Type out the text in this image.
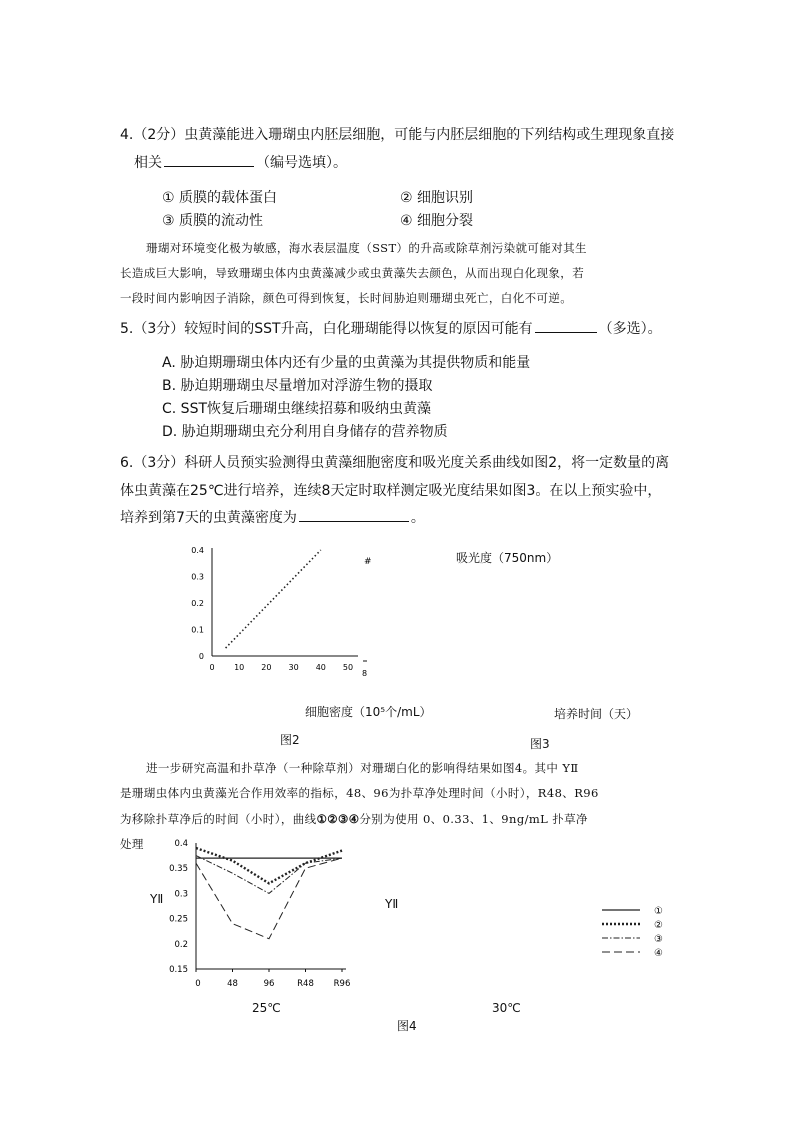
4.（2分）虫黄藻能进入珊瑚虫内胚层细胞，可能与内胚层细胞的下列结构或生理现象直接
相关	（编号选填）。
① 质膜的载体蛋白	② 细胞识别
③ 质膜的流动性	④ 细胞分裂
珊瑚对环境变化极为敏感，海水表层温度（SST）的升高或除草剂污染就可能对其生
长造成巨大影响，导致珊瑚虫体内虫黄藻减少或虫黄藻失去颜色，从而出现白化现象，若
一段时间内影响因子消除，颜色可得到恢复，长时间胁迫则珊瑚虫死亡，白化不可逆。
5.（3分）较短时间的SST升高，白化珊瑚能得以恢复的原因可能有	（多选）。
A. 胁迫期珊瑚虫体内还有少量的虫黄藻为其提供物质和能量
B. 胁迫期珊瑚虫尽量增加对浮游生物的摄取
C. SST恢复后珊瑚虫继续招募和吸纳虫黄藻
D. 胁迫期珊瑚虫充分利用自身储存的营养物质
6.（3分）科研人员预实验测得虫黄藻细胞密度和吸光度关系曲线如图2，将一定数量的离
体虫黄藻在25℃进行培养，连续8天定时取样测定吸光度结果如图3。在以上预实验中，
培养到第7天的虫黄藻密度为	。
0.4
0.3
0.2
0.1
0
0 10 20 30 40 50
#
8
细胞密度（10⁵个/mL）
图2
吸光度（750nm）
培养时间（天）
图3
进一步研究高温和扑草净（一种除草剂）对珊瑚白化的影响得结果如图4。其中 YⅡ
是珊瑚虫体内虫黄藻光合作用效率的指标，48、96为扑草净处理时间（小时），R48、R96
为移除扑草净后的时间（小时），曲线①②③④分别为使用 0、0.33、1、9ng/mL 扑草净
处理
YⅡ
0.4
0.35
0.3
0.25
0.2
0.15
0	48	96	R48 R96
25℃
YⅡ
30℃
图4
①
②
③
④
